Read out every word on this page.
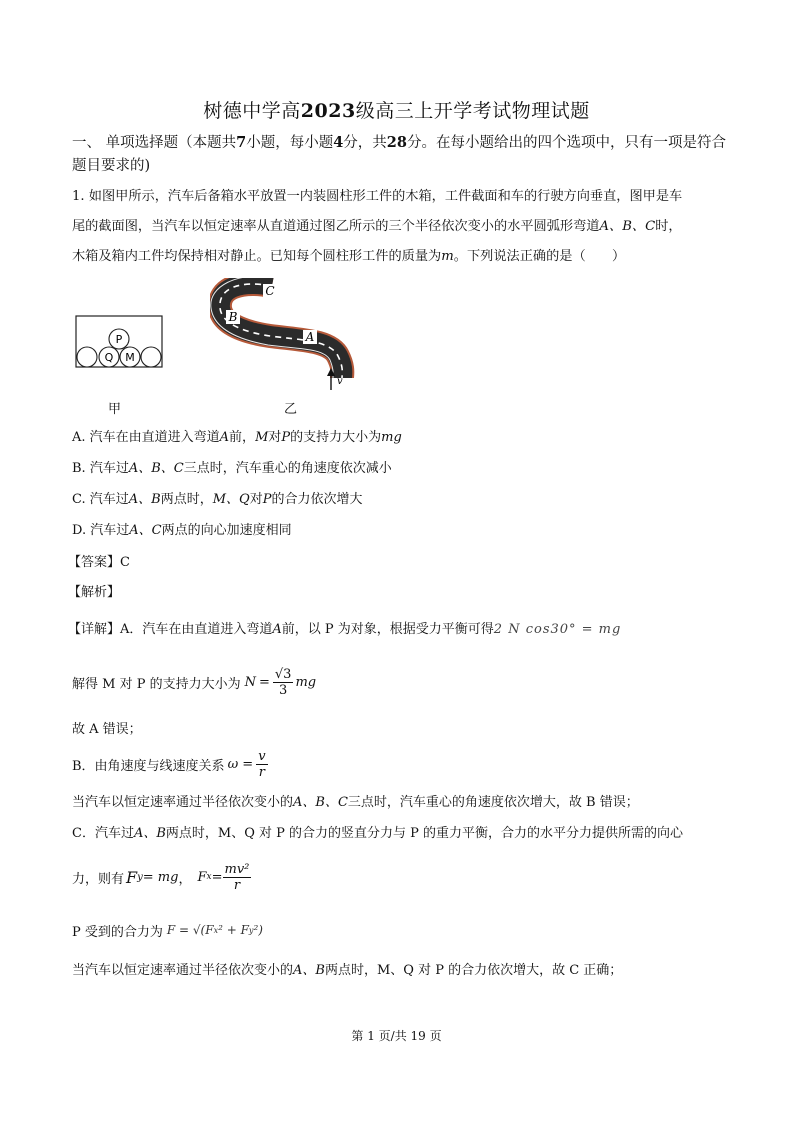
树德中学高2023级高三上开学考试物理试题
一、 单项选择题（本题共7小题，每小题4分，共28分。在每小题给出的四个选项中，只有一项是符合题目要求的)
1. 如图甲所示，汽车后备箱水平放置一内装圆柱形工件的木箱，工件截面和车的行驶方向垂直，图甲是车
尾的截面图，当汽车以恒定速率从直道通过图乙所示的三个半径依次变小的水平圆弧形弯道A、B、C时，
木箱及箱内工件均保持相对静止。已知每个圆柱形工件的质量为m。下列说法正确的是（　　）
P
Q M
甲
C
B
A
v
乙
A. 汽车在由直道进入弯道A前，M对P的支持力大小为mg
B. 汽车过A、B、C三点时，汽车重心的角速度依次减小
C. 汽车过A、B两点时，M、Q对P的合力依次增大
D. 汽车过A、C两点的向心加速度相同
【答案】C
【解析】
【详解】A．汽车在由直道进入弯道A前，以 P 为对象，根据受力平衡可得2 N cos30° = mg
解得 M 对 P 的支持力大小为 $N = \frac{√3}{3}$ mg
故 A 错误；
B．由角速度与线速度关系 $\omega = \frac{v}{r}$
当汽车以恒定速率通过半径依次变小的A、B、C三点时，汽车重心的角速度依次增大，故 B 错误；
C．汽车过A、B两点时，M、Q 对 P 的合力的竖直分力与 P 的重力平衡，合力的水平分力提供所需的向心
力，则有 F y = mg ， F $x = \frac{\text{mv²}}{r}$
P 受到的合力为 F = √(F x ² + F y ²)
当汽车以恒定速率通过半径依次变小的A、B两点时，M、Q 对 P 的合力依次增大，故 C 正确；
第 1 页/共 19 页
